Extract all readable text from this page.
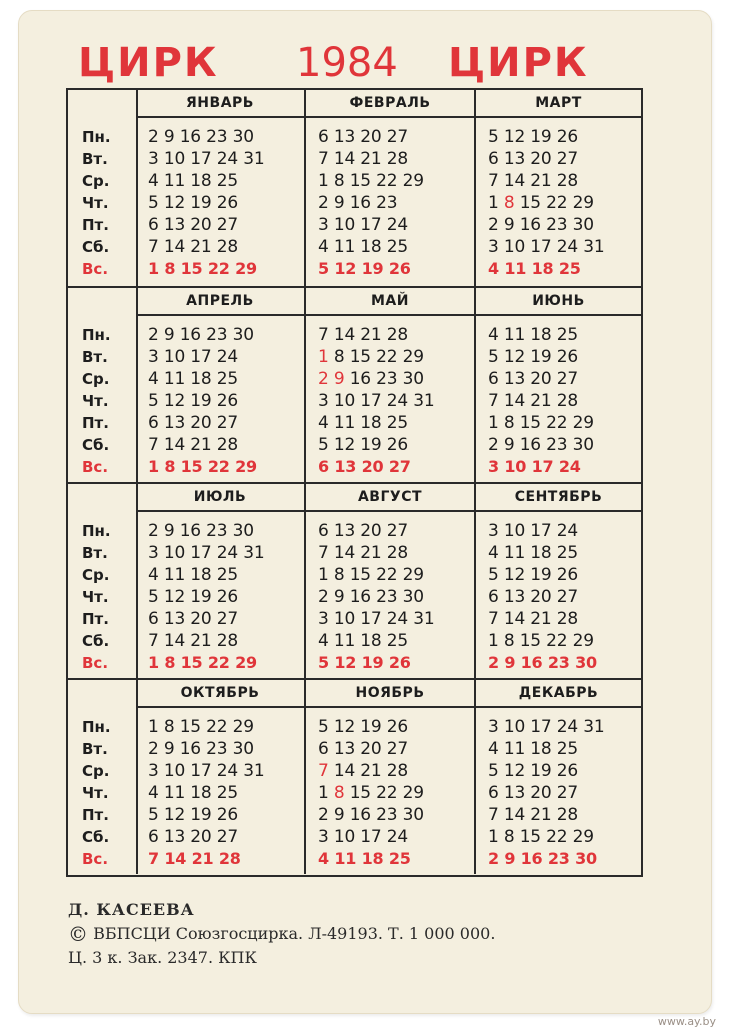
ЦИРК 1984 ЦИРК
Пн.
Вт.
Ср.
Чт.
Пт.
Сб.
Вс.
ЯНВАРЬ
2 9 16 23 30
3 10 17 24 31
4 11 18 25
5 12 19 26
6 13 20 27
7 14 21 28
1 8 15 22 29
ФЕВРАЛЬ
6 13 20 27
7 14 21 28
1 8 15 22 29
2 9 16 23
3 10 17 24
4 11 18 25
5 12 19 26
МАРТ
5 12 19 26
6 13 20 27
7 14 21 28
1 8 15 22 29
2 9 16 23 30
3 10 17 24 31
4 11 18 25
Пн.
Вт.
Ср.
Чт.
Пт.
Сб.
Вс.
АПРЕЛЬ
2 9 16 23 30
3 10 17 24
4 11 18 25
5 12 19 26
6 13 20 27
7 14 21 28
1 8 15 22 29
МАЙ
7 14 21 28
1 8 15 22 29
2 9 16 23 30
3 10 17 24 31
4 11 18 25
5 12 19 26
6 13 20 27
ИЮНЬ
4 11 18 25
5 12 19 26
6 13 20 27
7 14 21 28
1 8 15 22 29
2 9 16 23 30
3 10 17 24
Пн.
Вт.
Ср.
Чт.
Пт.
Сб.
Вс.
ИЮЛЬ
2 9 16 23 30
3 10 17 24 31
4 11 18 25
5 12 19 26
6 13 20 27
7 14 21 28
1 8 15 22 29
АВГУСТ
6 13 20 27
7 14 21 28
1 8 15 22 29
2 9 16 23 30
3 10 17 24 31
4 11 18 25
5 12 19 26
СЕНТЯБРЬ
3 10 17 24
4 11 18 25
5 12 19 26
6 13 20 27
7 14 21 28
1 8 15 22 29
2 9 16 23 30
Пн.
Вт.
Ср.
Чт.
Пт.
Сб.
Вс.
ОКТЯБРЬ
1 8 15 22 29
2 9 16 23 30
3 10 17 24 31
4 11 18 25
5 12 19 26
6 13 20 27
7 14 21 28
НОЯБРЬ
5 12 19 26
6 13 20 27
7 14 21 28
1 8 15 22 29
2 9 16 23 30
3 10 17 24
4 11 18 25
ДЕКАБРЬ
3 10 17 24 31
4 11 18 25
5 12 19 26
6 13 20 27
7 14 21 28
1 8 15 22 29
2 9 16 23 30
Д. КАСЕЕВА
© ВБПСЦИ Союзгосцирка. Л-49193. Т. 1 000 000.
Ц. 3 к. Зак. 2347. КПК
www.ay.by
